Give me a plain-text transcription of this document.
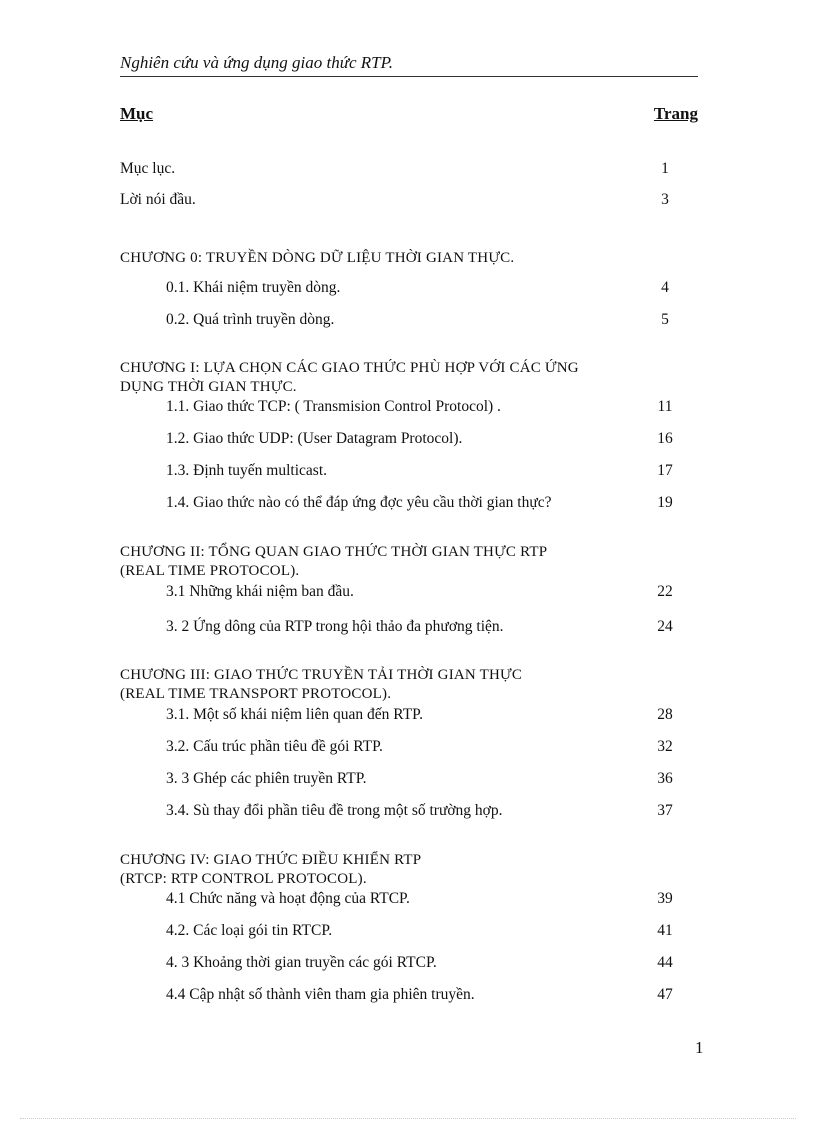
Nghiên cứu và ứng dụng giao thức RTP.
Mục	Trang
Mục lục.	1
Lời nói đầu.	3
CHƯƠNG 0: TRUYỀN DÒNG DỮ LIỆU THỜI GIAN THỰC.
0.1. Khái niệm truyền dòng.	4
0.2. Quá trình truyền dòng.	5
CHƯƠNG I: LỰA CHỌN CÁC GIAO THỨC PHÙ HỢP VỚI CÁC ỨNG
DỤNG THỜI GIAN THỰC.
1.1. Giao thức TCP: ( Transmision Control Protocol) .	11
1.2. Giao thức UDP: (User Datagram Protocol).	16
1.3. Định tuyến multicast.	17
1.4. Giao thức nào có thể đáp ứng đợc yêu cầu thời gian thực?	19
CHƯƠNG II: TỔNG QUAN GIAO THỨC THỜI GIAN THỰC RTP
(REAL TIME PROTOCOL).
3.1 Những khái niệm ban đầu.	22
3. 2 Ứng dông của RTP trong hội thảo đa phương tiện.	24
CHƯƠNG III: GIAO THỨC TRUYỀN TẢI THỜI GIAN THỰC
(REAL TIME TRANSPORT PROTOCOL).
3.1. Một số khái niệm liên quan đến RTP.	28
3.2. Cấu trúc phần tiêu đề gói RTP.	32
3. 3 Ghép các phiên truyền RTP.	36
3.4. Sù thay đổi phần tiêu đề trong một số trường hợp.	37
CHƯƠNG IV: GIAO THỨC ĐIỀU KHIỂN RTP
(RTCP: RTP CONTROL PROTOCOL).
4.1 Chức năng và hoạt động của RTCP.	39
4.2. Các loại gói tin RTCP.	41
4. 3 Khoảng thời gian truyền các gói RTCP.	44
4.4 Cập nhật số thành viên tham gia phiên truyền.	47
1
